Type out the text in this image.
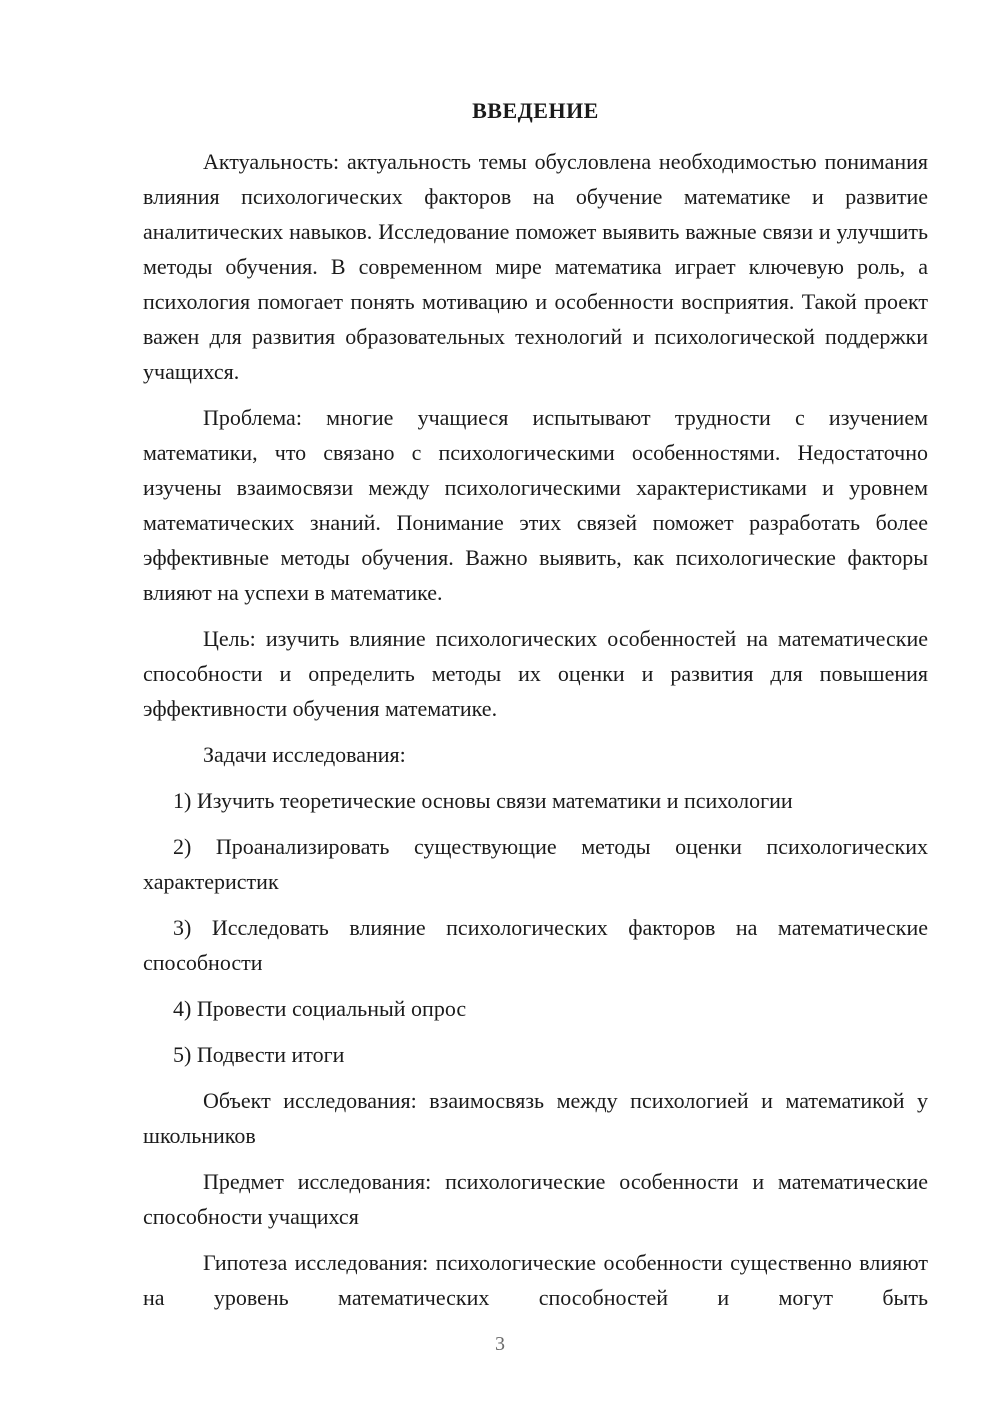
ВВЕДЕНИЕ

Актуальность: актуальность темы обусловлена необходимостью понимания влияния психологических факторов на обучение математике и развитие аналитических навыков. Исследование поможет выявить важные связи и улучшить методы обучения. В современном мире математика играет ключевую роль, а психология помогает понять мотивацию и особенности восприятия. Такой проект важен для развития образовательных технологий и психологической поддержки учащихся.

Проблема: многие учащиеся испытывают трудности с изучением математики, что связано с психологическими особенностями. Недостаточно изучены взаимосвязи между психологическими характеристиками и уровнем математических знаний. Понимание этих связей поможет разработать более эффективные методы обучения. Важно выявить, как психологические факторы влияют на успехи в математике.

Цель: изучить влияние психологических особенностей на математические способности и определить методы их оценки и развития для повышения эффективности обучения математике.

Задачи исследования:

1) Изучить теоретические основы связи математики и психологии

2) Проанализировать существующие методы оценки психологических характеристик

3) Исследовать влияние психологических факторов на математические способности

4) Провести социальный опрос

5) Подвести итоги

Объект исследования: взаимосвязь между психологией и математикой у школьников

Предмет исследования: психологические особенности и математические способности учащихся

Гипотеза исследования: психологические особенности существенно влияют на уровень математических способностей и могут быть

3
